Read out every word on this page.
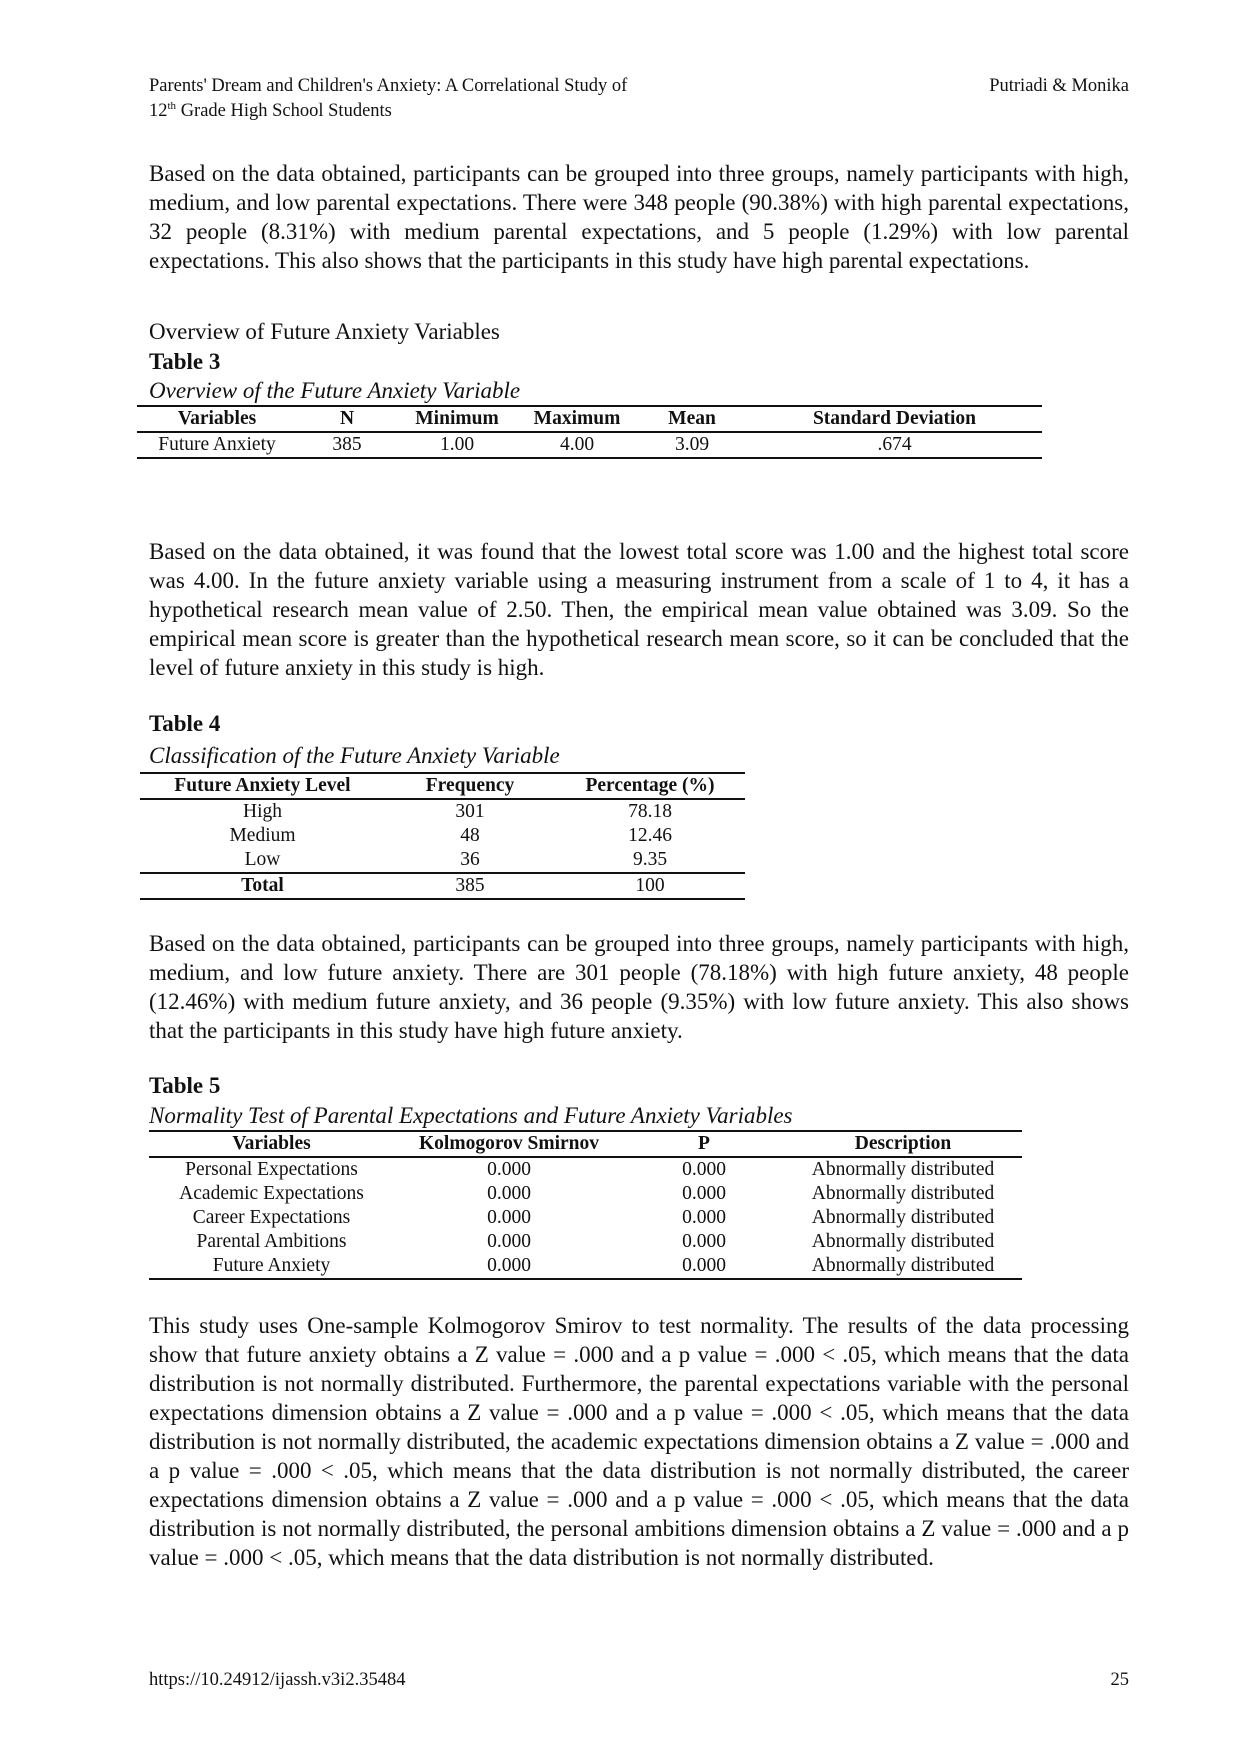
Parents' Dream and Children's Anxiety: A Correlational Study of
12th Grade High School Students
Putriadi & Monika

Based on the data obtained, participants can be grouped into three groups, namely participants with high, medium, and low parental expectations. There were 348 people (90.38%) with high parental expectations, 32 people (8.31%) with medium parental expectations, and 5 people (1.29%) with low parental expectations. This also shows that the participants in this study have high parental expectations.

Overview of Future Anxiety Variables
Table 3
Overview of the Future Anxiety Variable
Variables	N	Minimum	Maximum	Mean	Standard Deviation
Future Anxiety	385	1.00	4.00	3.09	.674

Based on the data obtained, it was found that the lowest total score was 1.00 and the highest total score was 4.00. In the future anxiety variable using a measuring instrument from a scale of 1 to 4, it has a hypothetical research mean value of 2.50. Then, the empirical mean value obtained was 3.09. So the empirical mean score is greater than the hypothetical research mean score, so it can be concluded that the level of future anxiety in this study is high.

Table 4
Classification of the Future Anxiety Variable
Future Anxiety Level	Frequency	Percentage (%)
High	301	78.18
Medium	48	12.46
Low	36	9.35
Total	385	100

Based on the data obtained, participants can be grouped into three groups, namely participants with high, medium, and low future anxiety. There are 301 people (78.18%) with high future anxiety, 48 people (12.46%) with medium future anxiety, and 36 people (9.35%) with low future anxiety. This also shows that the participants in this study have high future anxiety.

Table 5
Normality Test of Parental Expectations and Future Anxiety Variables
Variables	Kolmogorov Smirnov	P	Description
Personal Expectations	0.000	0.000	Abnormally distributed
Academic Expectations	0.000	0.000	Abnormally distributed
Career Expectations	0.000	0.000	Abnormally distributed
Parental Ambitions	0.000	0.000	Abnormally distributed
Future Anxiety	0.000	0.000	Abnormally distributed

This study uses One-sample Kolmogorov Smirov to test normality. The results of the data processing show that future anxiety obtains a Z value = .000 and a p value = .000 < .05, which means that the data distribution is not normally distributed. Furthermore, the parental expectations variable with the personal expectations dimension obtains a Z value = .000 and a p value = .000 < .05, which means that the data distribution is not normally distributed, the academic expectations dimension obtains a Z value = .000 and a p value = .000 < .05, which means that the data distribution is not normally distributed, the career expectations dimension obtains a Z value = .000 and a p value = .000 < .05, which means that the data distribution is not normally distributed, the personal ambitions dimension obtains a Z value = .000 and a p value = .000 < .05, which means that the data distribution is not normally distributed.

https://10.24912/ijassh.v3i2.35484	25
